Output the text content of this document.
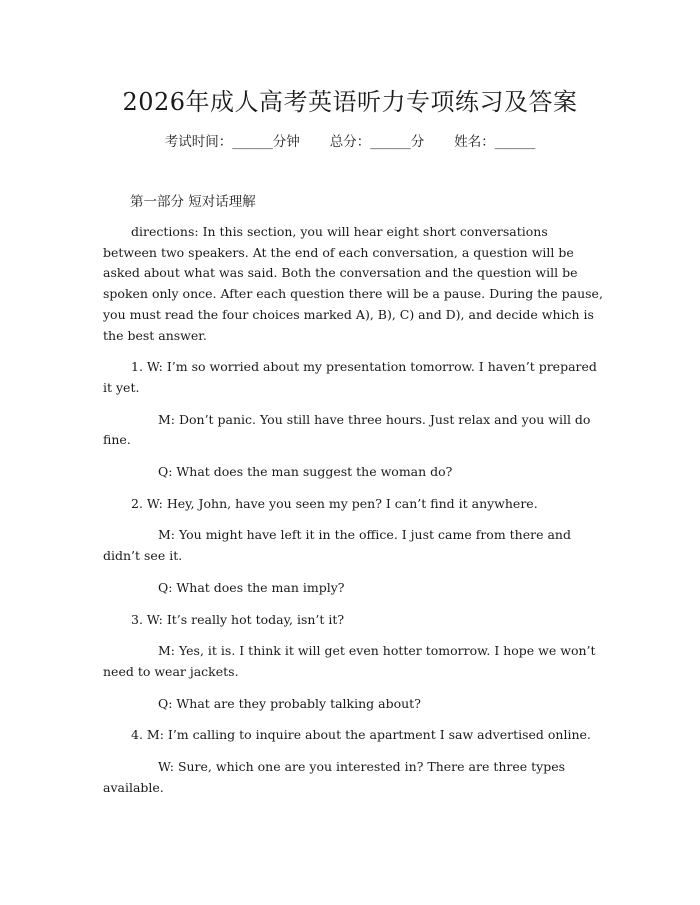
2026年成人高考英语听力专项练习及答案
考试时间：______分钟 总分：______分 姓名：______
第一部分 短对话理解

directions: In this section, you will hear eight short conversations between two speakers. At the end of each conversation, a question will be asked about what was said. Both the conversation and the question will be spoken only once. After each question there will be a pause. During the pause, you must read the four choices marked A), B), C) and D), and decide which is the best answer.

1. W: I’m so worried about my presentation tomorrow. I haven’t prepared it yet.

M: Don’t panic. You still have three hours. Just relax and you will do fine.

Q: What does the man suggest the woman do?

2. W: Hey, John, have you seen my pen? I can’t find it anywhere.

M: You might have left it in the office. I just came from there and didn’t see it.

Q: What does the man imply?

3. W: It’s really hot today, isn’t it?

M: Yes, it is. I think it will get even hotter tomorrow. I hope we won’t need to wear jackets.

Q: What are they probably talking about?

4. M: I’m calling to inquire about the apartment I saw advertised online.

W: Sure, which one are you interested in? There are three types available.
